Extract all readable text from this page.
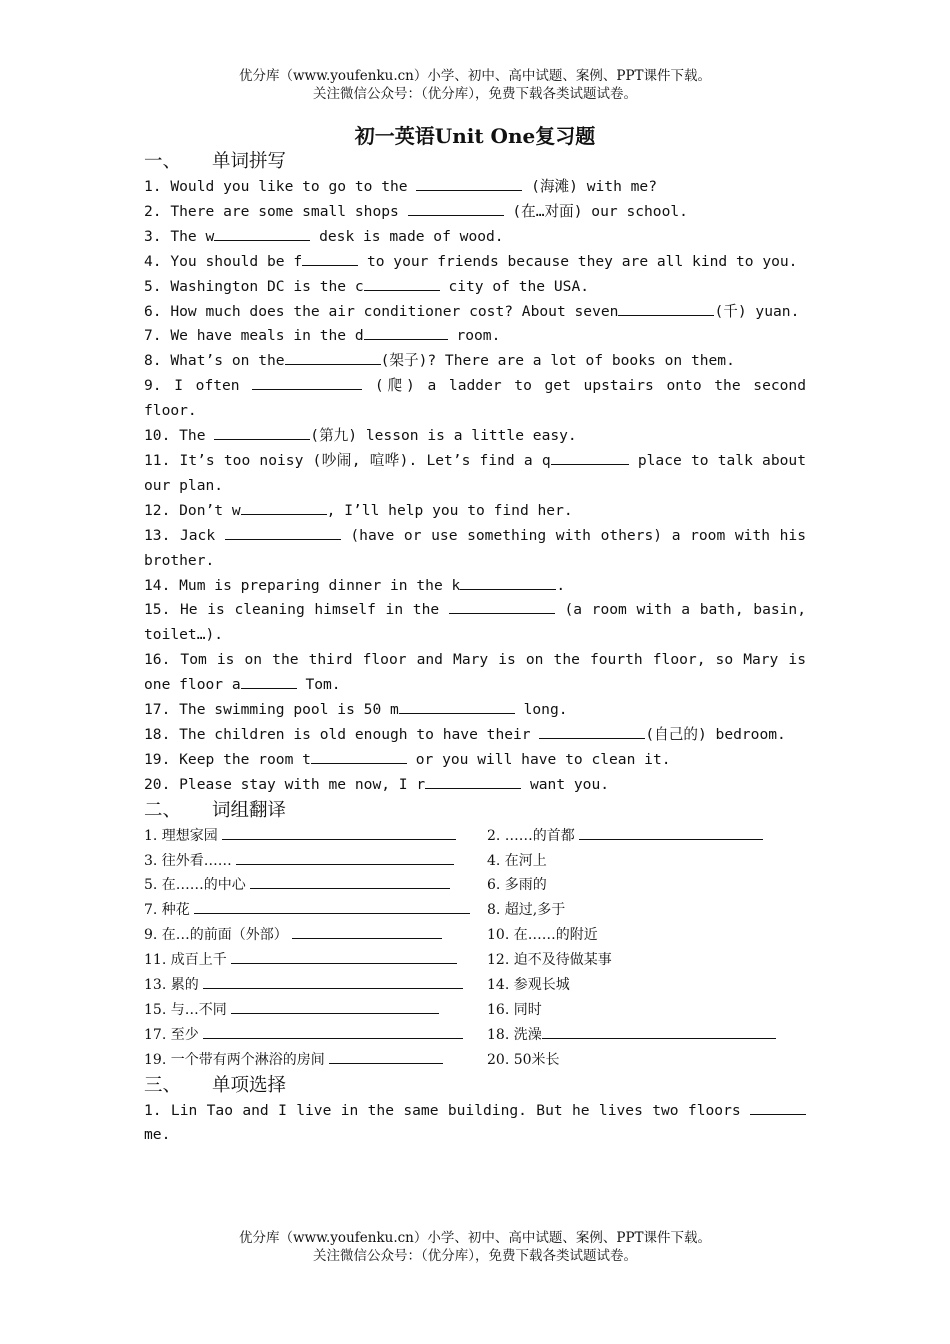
优分库（www.youfenku.cn）小学、初中、高中试题、案例、PPT课件下载。
关注微信公众号：（优分库），免费下载各类试题试卷。
初一英语Unit One复习题
一、 单词拼写
1. Would you like to go to the	(海滩) with me?
2. There are some small shops	(在…对面) our school.
3. The w	desk is made of wood.
4. You should be f	to your friends because they are all kind to you.
5. Washington DC is the c	city of the USA.
6. How much does the air conditioner cost? About seven	(千) yuan.
7. We have meals in the d	room.
8. What’s on the	(架子)? There are a lot of books on them.
9. I often	(爬) a ladder to get upstairs onto the second floor.
10. The	(第九) lesson is a little easy.
11. It’s too noisy (吵闹, 喧哗). Let’s find a q	place to talk about our plan.
12. Don’t w	, I’ll help you to find her.
13. Jack	(have or use something with others) a room with his brother.
14. Mum is preparing dinner in the k	.
15. He is cleaning himself in the	(a room with a bath, basin, toilet…).
16. Tom is on the third floor and Mary is on the fourth floor, so Mary is one floor a	Tom.
17. The swimming pool is 50 m	long.
18. The children is old enough to have their	(自己的) bedroom.
19. Keep the room t	or you will have to clean it.
20. Please stay with me now, I r	want you.
二、 词组翻译
1. 理想家园	2. ……的首都
3. 往外看……	4. 在河上
5. 在……的中心	6. 多雨的
7. 种花	8. 超过,多于
9. 在…的前面（外部）	10. 在……的附近
11. 成百上千	12. 迫不及待做某事
13. 累的	14. 参观长城
15. 与…不同	16. 同时
17. 至少	18. 洗澡
19. 一个带有两个淋浴的房间	20. 50米长
三、 单项选择
1. Lin Tao and I live in the same building. But he lives two floors  me.
优分库（www.youfenku.cn）小学、初中、高中试题、案例、PPT课件下载。
关注微信公众号：（优分库），免费下载各类试题试卷。
